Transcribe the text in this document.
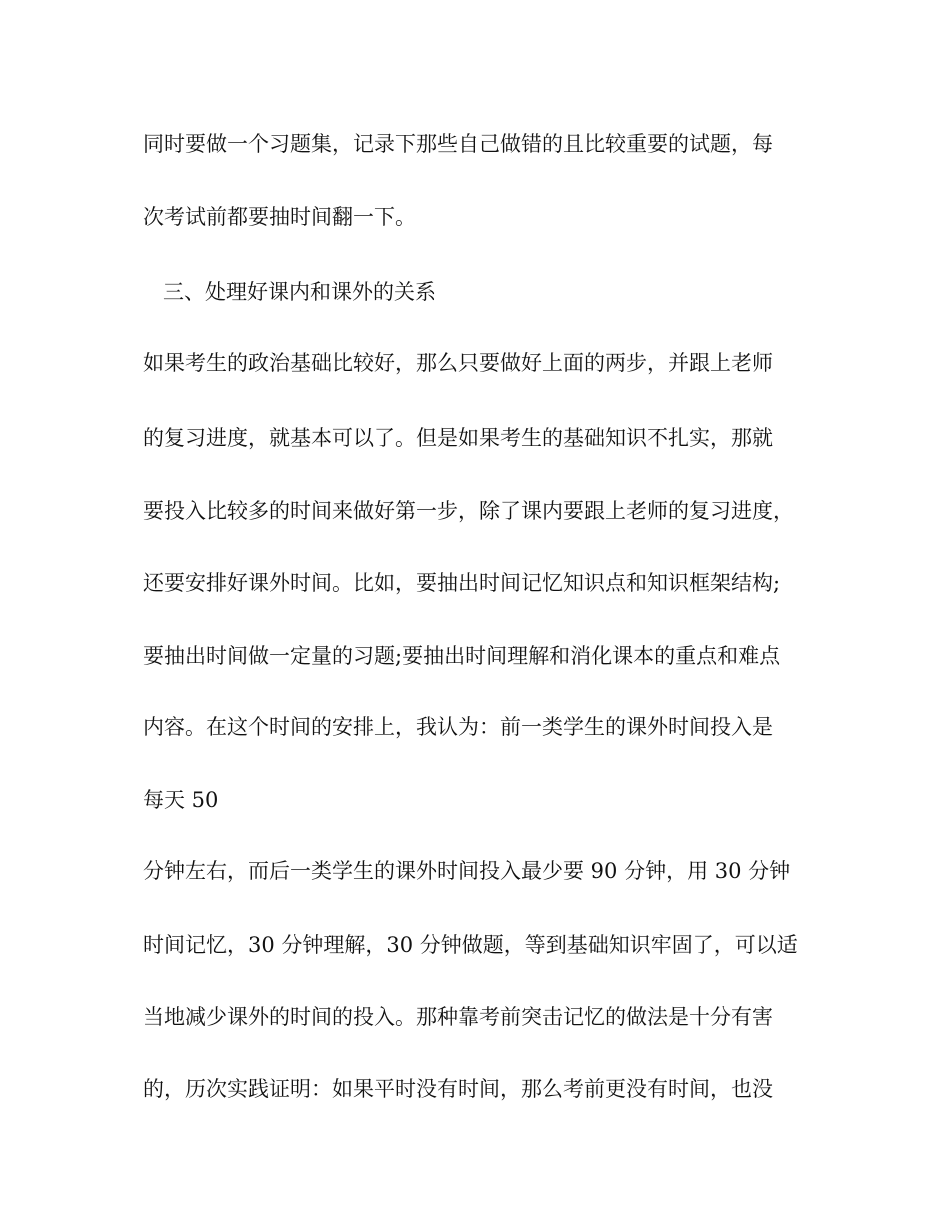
同时要做一个习题集，记录下那些自己做错的且比较重要的试题，每
次考试前都要抽时间翻一下。
三、处理好课内和课外的关系
如果考生的政治基础比较好，那么只要做好上面的两步，并跟上老师
的复习进度，就基本可以了。但是如果考生的基础知识不扎实，那就
要投入比较多的时间来做好第一步，除了课内要跟上老师的复习进度，
还要安排好课外时间。比如，要抽出时间记忆知识点和知识框架结构;
要抽出时间做一定量的习题;要抽出时间理解和消化课本的重点和难点
内容。在这个时间的安排上，我认为：前一类学生的课外时间投入是
每天 50
分钟左右，而后一类学生的课外时间投入最少要 90 分钟，用 30 分钟
时间记忆，30 分钟理解，30 分钟做题，等到基础知识牢固了，可以适
当地减少课外的时间的投入。那种靠考前突击记忆的做法是十分有害
的，历次实践证明：如果平时没有时间，那么考前更没有时间，也没
